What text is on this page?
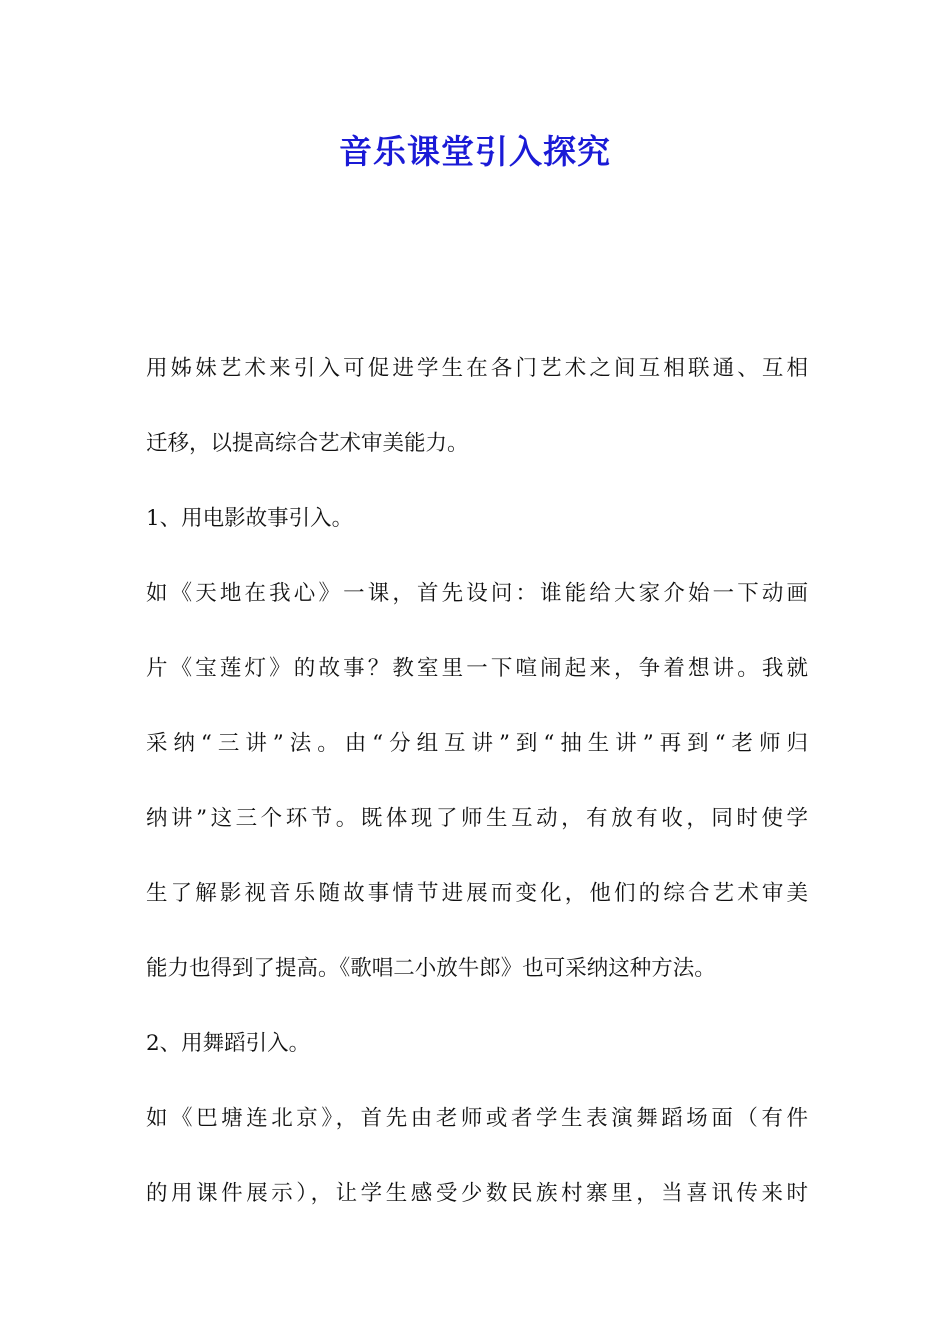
音乐课堂引入探究
用姊妹艺术来引入可促进学生在各门艺术之间互相联通、互相
迁移，以提高综合艺术审美能力。
1、用电影故事引入。
如《天地在我心》一课，首先设问：谁能给大家介始一下动画
片《宝莲灯》的故事？教室里一下喧闹起来，争着想讲。我就
采纳“三讲”法。由“分组互讲”到“抽生讲”再到“老师归
纳讲”这三个环节。既体现了师生互动，有放有收，同时使学
生了解影视音乐随故事情节进展而变化，他们的综合艺术审美
能力也得到了提高。《歌唱二小放牛郎》也可采纳这种方法。
2、用舞蹈引入。
如《巴塘连北京》，首先由老师或者学生表演舞蹈场面（有件
的用课件展示），让学生感受少数民族村寨里，当喜讯传来时
